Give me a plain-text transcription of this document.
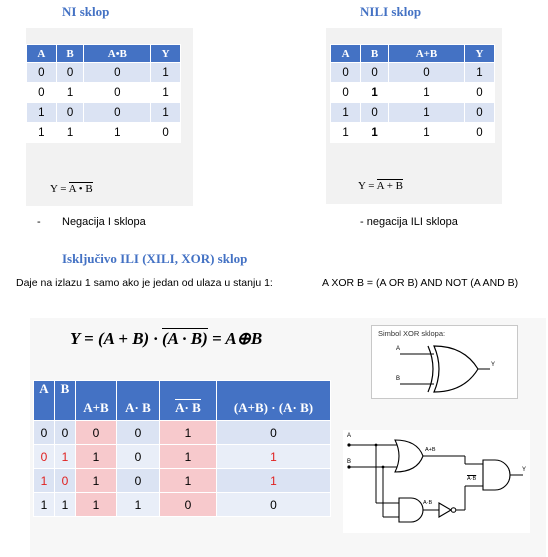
NI sklop
A	B	A•B	Y
0	0	0	1
0	1	0	1
1	0	0	1
1	1	1	0
Y = A • B
- Negacija I sklopa
NILI sklop
A	B	A+B	Y
0	0	0	1
0	1	1	0
1	0	1	0
1	1	1	0
Y = A + B
- negacija ILI sklopa
Isključivo ILI (XILI, XOR) sklop
Daje na izlazu 1 samo ako je jedan od ulaza u stanju 1:	A XOR B = (A OR B) AND NOT (A AND B)
Y = (A + B) · (A · B) = A⊕B
A	B	A+B	A· B	A· B	(A+B) · (A· B)
0	0	0	0	1	0
0	1	1	0	1	1
1	0	1	0	1	1
1	1	1	1	0	0
Simbol XOR sklopa:
A
B
Y
A
B
A+B
A·B
A·B
Y
